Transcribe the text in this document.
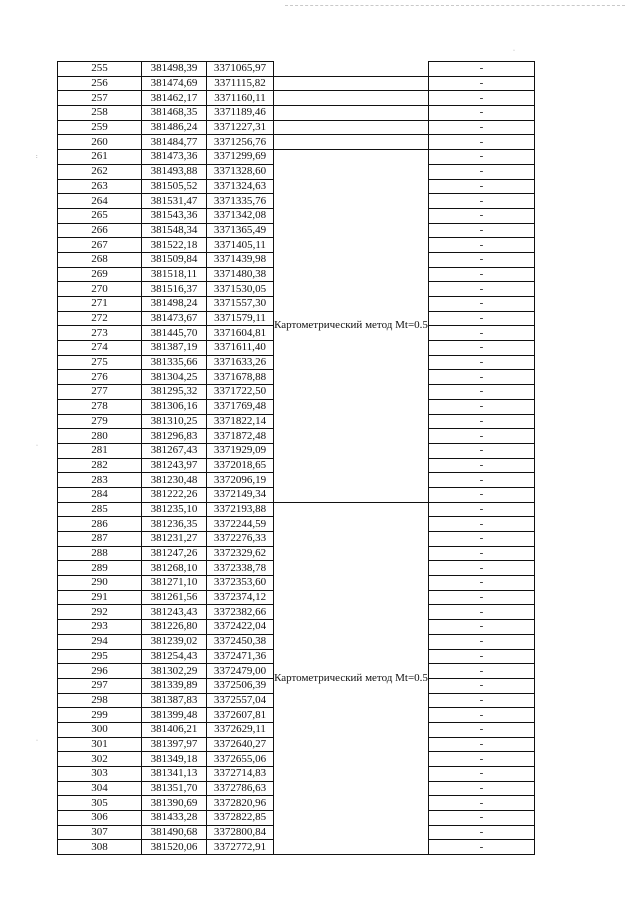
·
:
·
·
255	381498,39	3371065,97		-
256	381474,69	3371115,82		-
257	381462,17	3371160,11		-
258	381468,35	3371189,46		-
259	381486,24	3371227,31		-
260	381484,77	3371256,76		-
261	381473,36	3371299,69	Картометрический метод Mt=0.5	-
262	381493,88	3371328,60		-
263	381505,52	3371324,63		-
264	381531,47	3371335,76		-
265	381543,36	3371342,08		-
266	381548,34	3371365,49		-
267	381522,18	3371405,11		-
268	381509,84	3371439,98		-
269	381518,11	3371480,38		-
270	381516,37	3371530,05		-
271	381498,24	3371557,30		-
272	381473,67	3371579,11		-
273	381445,70	3371604,81		-
274	381387,19	3371611,40		-
275	381335,66	3371633,26		-
276	381304,25	3371678,88		-
277	381295,32	3371722,50		-
278	381306,16	3371769,48		-
279	381310,25	3371822,14		-
280	381296,83	3371872,48		-
281	381267,43	3371929,09		-
282	381243,97	3372018,65		-
283	381230,48	3372096,19		-
284	381222,26	3372149,34		-
285	381235,10	3372193,88	Картометрический метод Mt=0.5	-
286	381236,35	3372244,59		-
287	381231,27	3372276,33		-
288	381247,26	3372329,62		-
289	381268,10	3372338,78		-
290	381271,10	3372353,60		-
291	381261,56	3372374,12		-
292	381243,43	3372382,66		-
293	381226,80	3372422,04		-
294	381239,02	3372450,38		-
295	381254,43	3372471,36		-
296	381302,29	3372479,00		-
297	381339,89	3372506,39		-
298	381387,83	3372557,04		-
299	381399,48	3372607,81		-
300	381406,21	3372629,11		-
301	381397,97	3372640,27		-
302	381349,18	3372655,06		-
303	381341,13	3372714,83		-
304	381351,70	3372786,63		-
305	381390,69	3372820,96		-
306	381433,28	3372822,85		-
307	381490,68	3372800,84		-
308	381520,06	3372772,91		-
